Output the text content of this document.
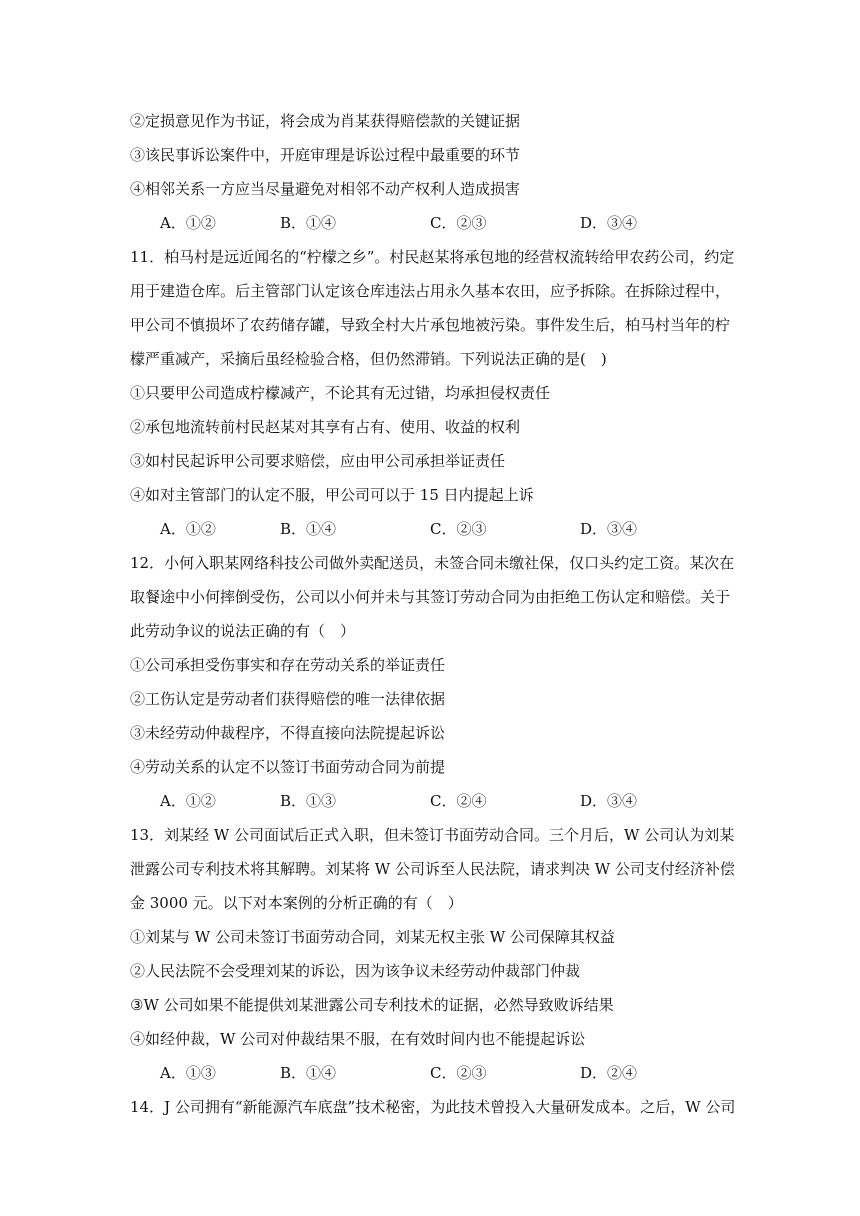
②定损意见作为书证，将会成为肖某获得赔偿款的关键证据
③该民事诉讼案件中，开庭审理是诉讼过程中最重要的环节
④相邻关系一方应当尽量避免对相邻不动产权利人造成损害
A．①②	B．①④	C．②③	D．③④
11．柏马村是远近闻名的“柠檬之乡”。村民赵某将承包地的经营权流转给甲农药公司，约定
用于建造仓库。后主管部门认定该仓库违法占用永久基本农田，应予拆除。在拆除过程中，
甲公司不慎损坏了农药储存罐，导致全村大片承包地被污染。事件发生后，柏马村当年的柠
檬严重减产，采摘后虽经检验合格，但仍然滞销。下列说法正确的是(　)
①只要甲公司造成柠檬减产，不论其有无过错，均承担侵权责任
②承包地流转前村民赵某对其享有占有、使用、收益的权利
③如村民起诉甲公司要求赔偿，应由甲公司承担举证责任
④如对主管部门的认定不服，甲公司可以于 15 日内提起上诉
A．①②	B．①④	C．②③	D．③④
12．小何入职某网络科技公司做外卖配送员，未签合同未缴社保，仅口头约定工资。某次在
取餐途中小何摔倒受伤，公司以小何并未与其签订劳动合同为由拒绝工伤认定和赔偿。关于
此劳动争议的说法正确的有（　）
①公司承担受伤事实和存在劳动关系的举证责任
②工伤认定是劳动者们获得赔偿的唯一法律依据
③未经劳动仲裁程序，不得直接向法院提起诉讼
④劳动关系的认定不以签订书面劳动合同为前提
A．①②	B．①③	C．②④	D．③④
13．刘某经 W 公司面试后正式入职，但未签订书面劳动合同。三个月后，W 公司认为刘某
泄露公司专利技术将其解聘。刘某将 W 公司诉至人民法院，请求判决 W 公司支付经济补偿
金 3000 元。以下对本案例的分析正确的有（　）
①刘某与 W 公司未签订书面劳动合同，刘某无权主张 W 公司保障其权益
②人民法院不会受理刘某的诉讼，因为该争议未经劳动仲裁部门仲裁
③W 公司如果不能提供刘某泄露公司专利技术的证据，必然导致败诉结果
④如经仲裁，W 公司对仲裁结果不服，在有效时间内也不能提起诉讼
A．①③	B．①④	C．②③	D．②④
14．J 公司拥有“新能源汽车底盘”技术秘密，为此技术曾投入大量研发成本。之后，W 公司
